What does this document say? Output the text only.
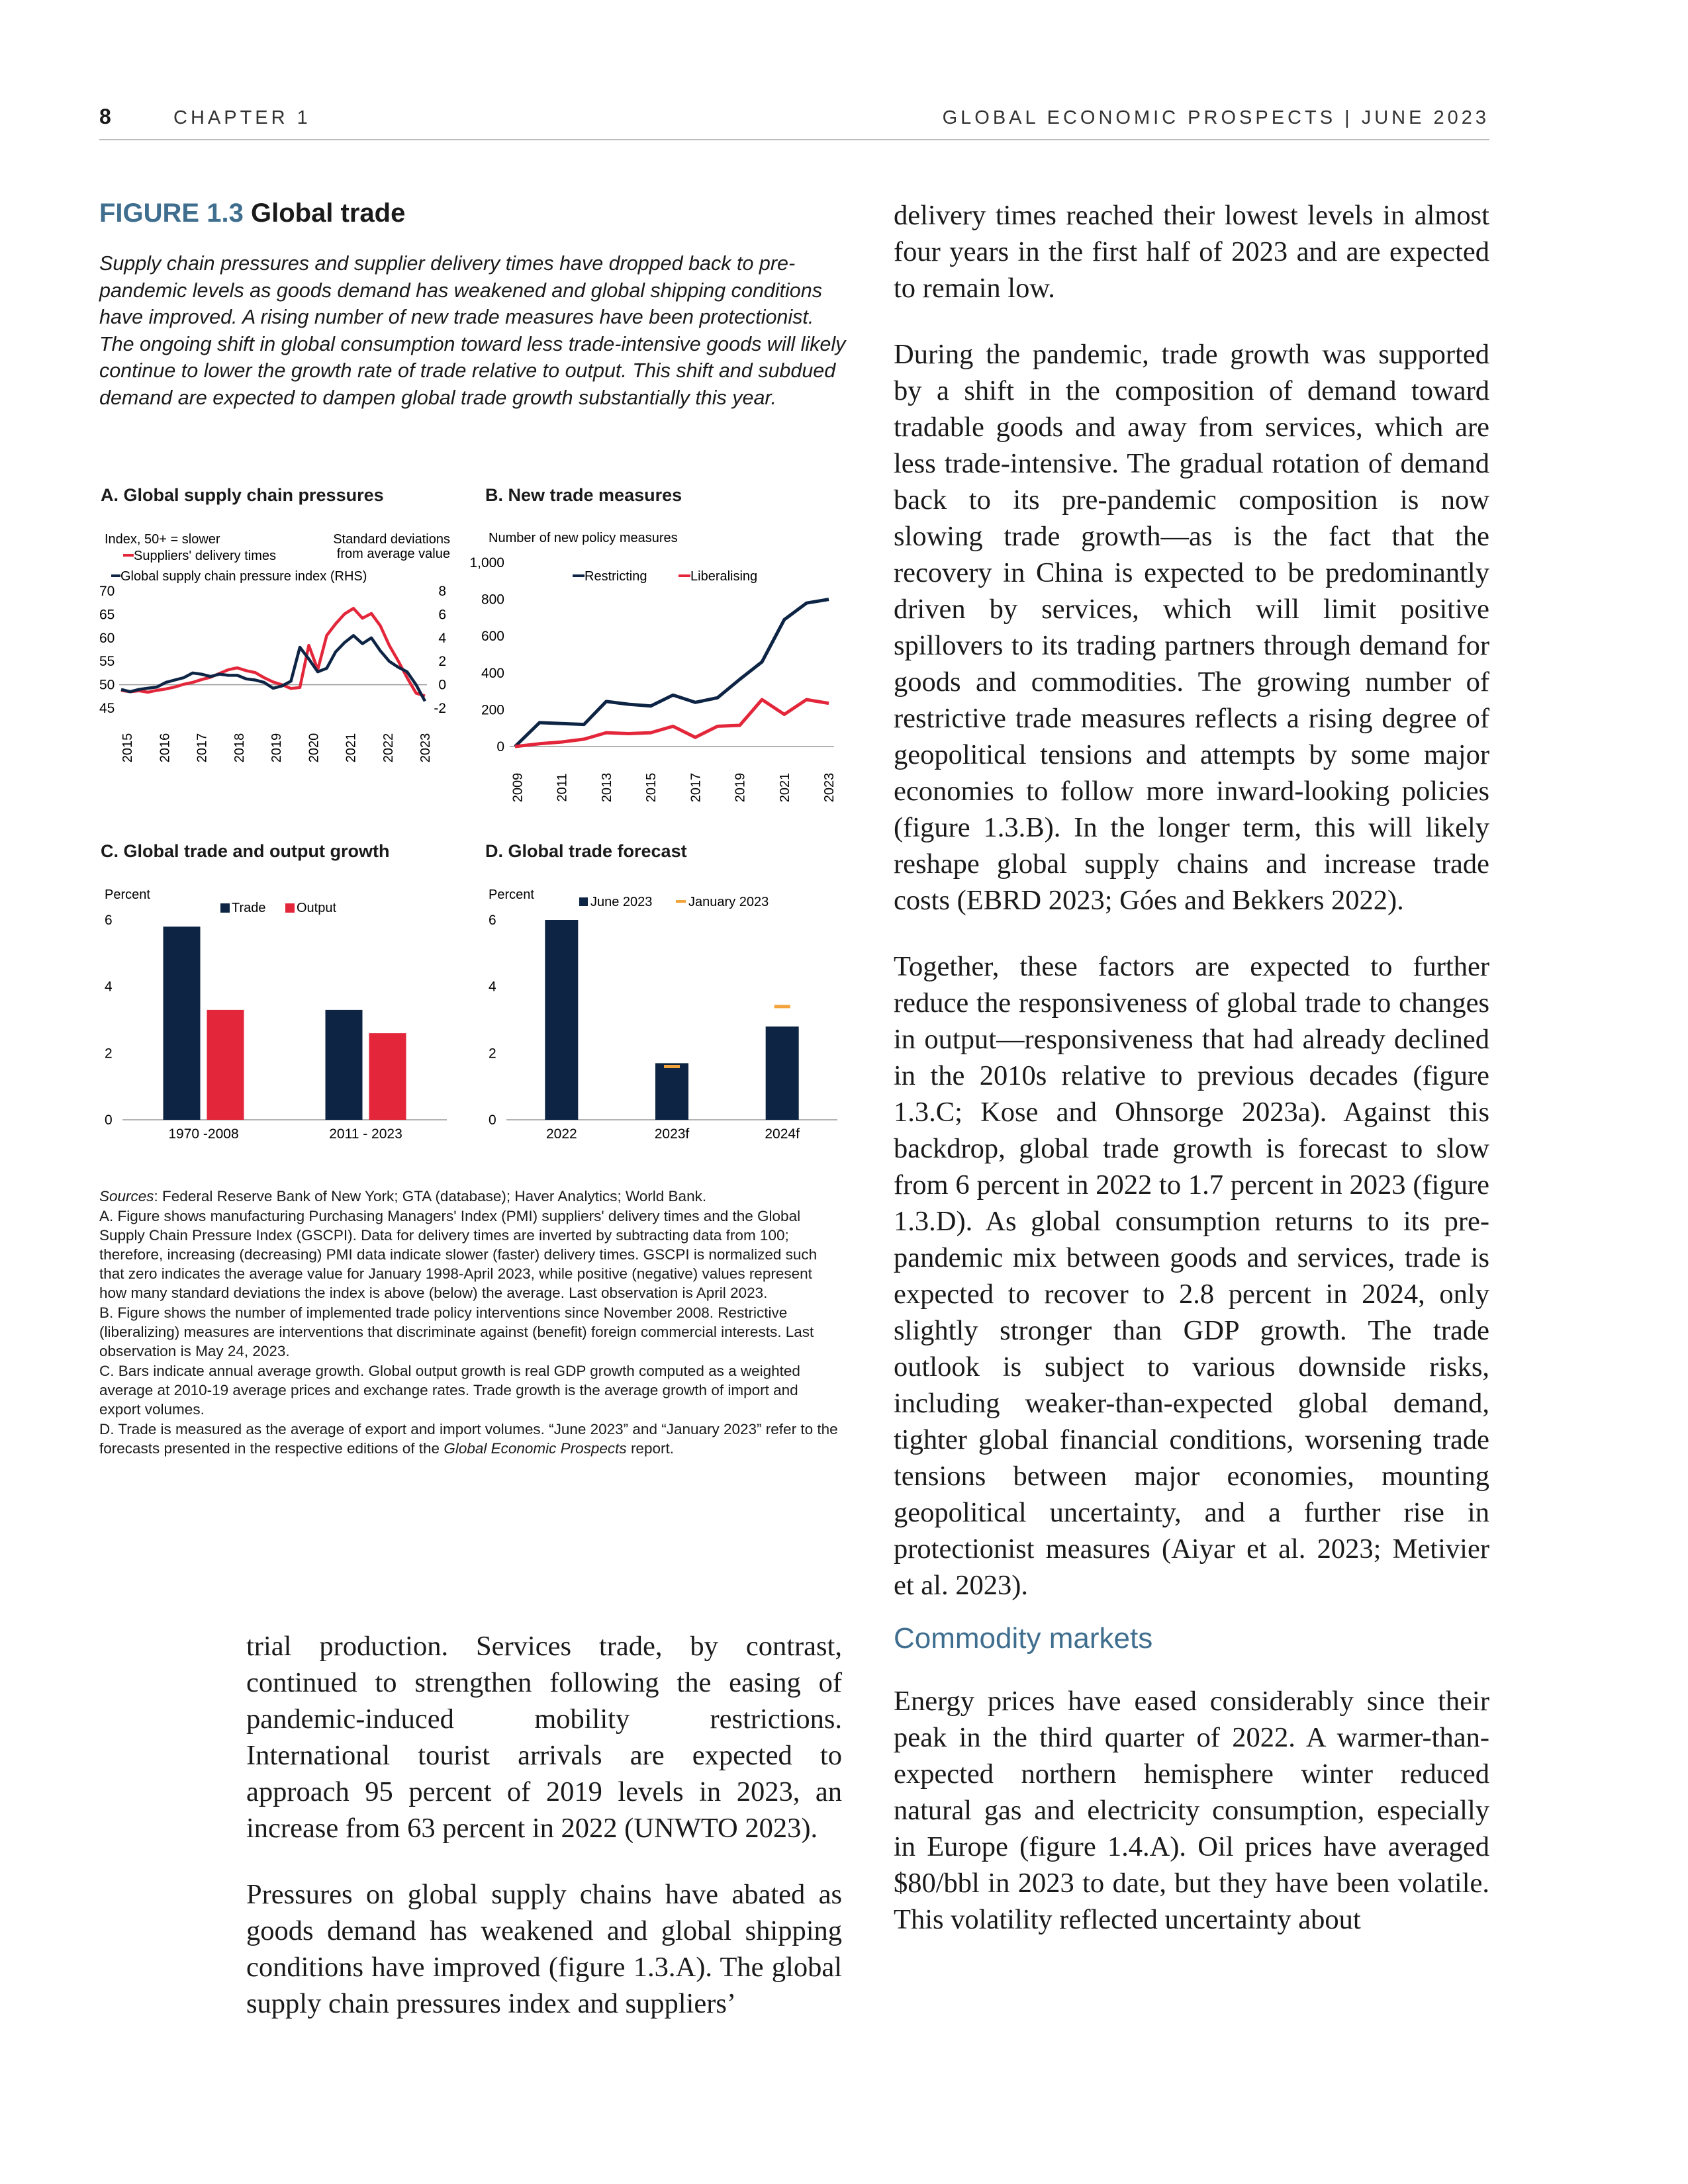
8	CHAPTER 1	GLOBAL ECONOMIC PROSPECTS | JUNE 2023
FIGURE 1.3 Global trade
Supply chain pressures and supplier delivery times have dropped back to pre-pandemic levels as goods demand has weakened and global shipping conditions have improved. A rising number of new trade measures have been protectionist. The ongoing shift in global consumption toward less trade-intensive goods will likely continue to lower the growth rate of trade relative to output. This shift and subdued demand are expected to dampen global trade growth substantially this year.
A. Global supply chain pressures	B. New trade measures
C. Global trade and output growth	D. Global trade forecast
Index, 50+ = slower	Standard deviations
from average value
Suppliers' delivery times
Global supply chain pressure index (RHS)
45
50
55
60
65
70
-2
0
2
4
6
8
2015 2016 2017 2018 2019 2020 2021 2022 2023
Number of new policy measures
Restricting	Liberalising
0
200
400
600
800
1,000
2009 2011 2013 2015 2017 2019 2021 2023
Percent
Trade Output
0
2
4
6
1970 -2008	2011 - 2023
Percent	June 2023	January 2023
0
2
4
6
2022	2023f	2024f

Sources: Federal Reserve Bank of New York; GTA (database); Haver Analytics; World Bank.

A. Figure shows manufacturing Purchasing Managers' Index (PMI) suppliers' delivery times and the Global Supply Chain Pressure Index (GSCPI). Data for delivery times are inverted by subtracting data from 100; therefore, increasing (decreasing) PMI data indicate slower (faster) delivery times. GSCPI is normalized such that zero indicates the average value for January 1998-April 2023, while positive (negative) values represent how many standard deviations the index is above (below) the average. Last observation is April 2023.

B. Figure shows the number of implemented trade policy interventions since November 2008. Restrictive (liberalizing) measures are interventions that discriminate against (benefit) foreign commercial interests. Last observation is May 24, 2023.

C. Bars indicate annual average growth. Global output growth is real GDP growth computed as a weighted average at 2010-19 average prices and exchange rates. Trade growth is the average growth of import and export volumes.

D. Trade is measured as the average of export and import volumes. “June 2023” and “January 2023” refer to the forecasts presented in the respective editions of the Global Economic Prospects report.

delivery times reached their lowest levels in almost four years in the first half of 2023 and are expected to remain low.

During the pandemic, trade growth was supported by a shift in the composition of demand toward tradable goods and away from services, which are less trade-intensive. The gradual rotation of demand back to its pre-pandemic composition is now slowing trade growth—as is the fact that the recovery in China is expected to be predominantly driven by services, which will limit positive spillovers to its trading partners through demand for goods and commodities. The growing number of restrictive trade measures reflects a rising degree of geopolitical tensions and attempts by some major economies to follow more inward-looking policies (figure 1.3.B). In the longer term, this will likely reshape global supply chains and increase trade costs (EBRD 2023; Góes and Bekkers 2022).

Together, these factors are expected to further reduce the responsiveness of global trade to changes in output—responsiveness that had already declined in the 2010s relative to previous decades (figure 1.3.C; Kose and Ohnsorge 2023a). Against this backdrop, global trade growth is forecast to slow from 6 percent in 2022 to 1.7 percent in 2023 (figure 1.3.D). As global consumption returns to its pre-pandemic mix between goods and services, trade is expected to recover to 2.8 percent in 2024, only slightly stronger than GDP growth. The trade outlook is subject to various downside risks, including weaker-than-expected global demand, tighter global financial conditions, worsening trade tensions between major economies, mounting geopolitical uncertainty, and a further rise in protectionist measures (Aiyar et al. 2023; Metivier et al. 2023).

Commodity markets

Energy prices have eased considerably since their peak in the third quarter of 2022. A warmer-than-expected northern hemisphere winter reduced natural gas and electricity consumption, especially in Europe (figure 1.4.A). Oil prices have averaged $80/bbl in 2023 to date, but they have been volatile. This volatility reflected uncertainty about

trial production. Services trade, by contrast, continued to strengthen following the easing of pandemic-induced mobility restrictions. International tourist arrivals are expected to approach 95 percent of 2019 levels in 2023, an increase from 63 percent in 2022 (UNWTO 2023).

Pressures on global supply chains have abated as goods demand has weakened and global shipping conditions have improved (figure 1.3.A). The global supply chain pressures index and suppliers’
